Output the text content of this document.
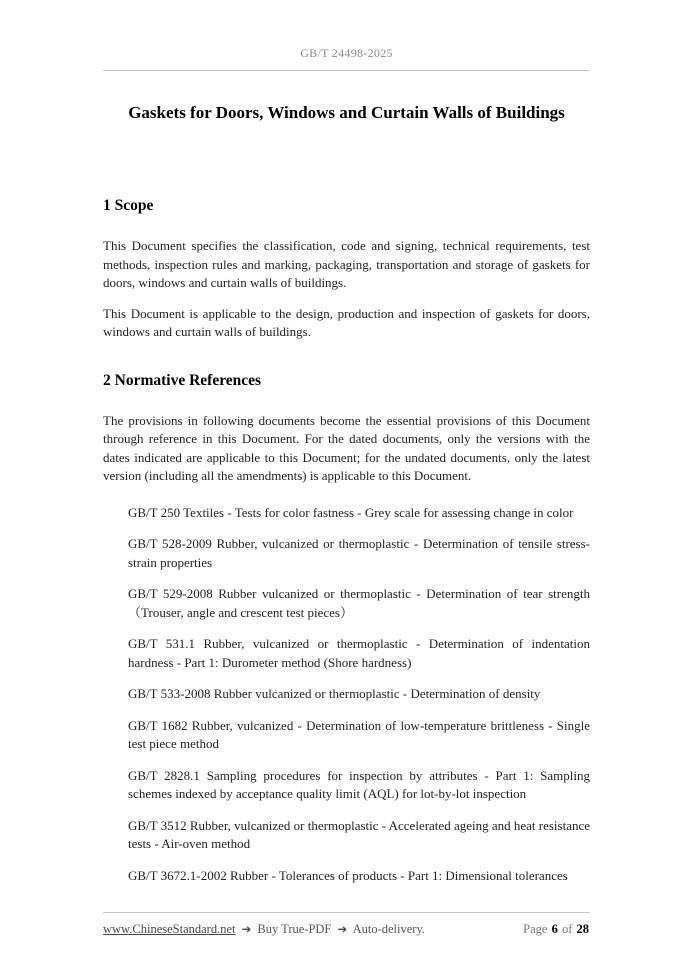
GB/T 24498-2025
Gaskets for Doors, Windows and Curtain Walls of Buildings
1 Scope

This Document specifies the classification, code and signing, technical requirements, test methods, inspection rules and marking, packaging, transportation and storage of gaskets for doors, windows and curtain walls of buildings.

This Document is applicable to the design, production and inspection of gaskets for doors, windows and curtain walls of buildings.

2 Normative References

The provisions in following documents become the essential provisions of this Document through reference in this Document. For the dated documents, only the versions with the dates indicated are applicable to this Document; for the undated documents, only the latest version (including all the amendments) is applicable to this Document.

GB/T 250 Textiles - Tests for color fastness - Grey scale for assessing change in color

GB/T 528-2009 Rubber, vulcanized or thermoplastic - Determination of tensile stress-strain properties

GB/T 529-2008 Rubber vulcanized or thermoplastic - Determination of tear strength （Trouser, angle and crescent test pieces）

GB/T 531.1 Rubber, vulcanized or thermoplastic - Determination of indentation hardness - Part 1: Durometer method (Shore hardness)

GB/T 533-2008 Rubber vulcanized or thermoplastic - Determination of density

GB/T 1682 Rubber, vulcanized - Determination of low-temperature brittleness - Single test piece method

GB/T 2828.1 Sampling procedures for inspection by attributes - Part 1: Sampling schemes indexed by acceptance quality limit (AQL) for lot-by-lot inspection

GB/T 3512 Rubber, vulcanized or thermoplastic - Accelerated ageing and heat resistance tests - Air-oven method

GB/T 3672.1-2002 Rubber - Tolerances of products - Part 1: Dimensional tolerances

www.ChineseStandard.net ➔ Buy True-PDF ➔ Auto-delivery.	Page 6 of 28
